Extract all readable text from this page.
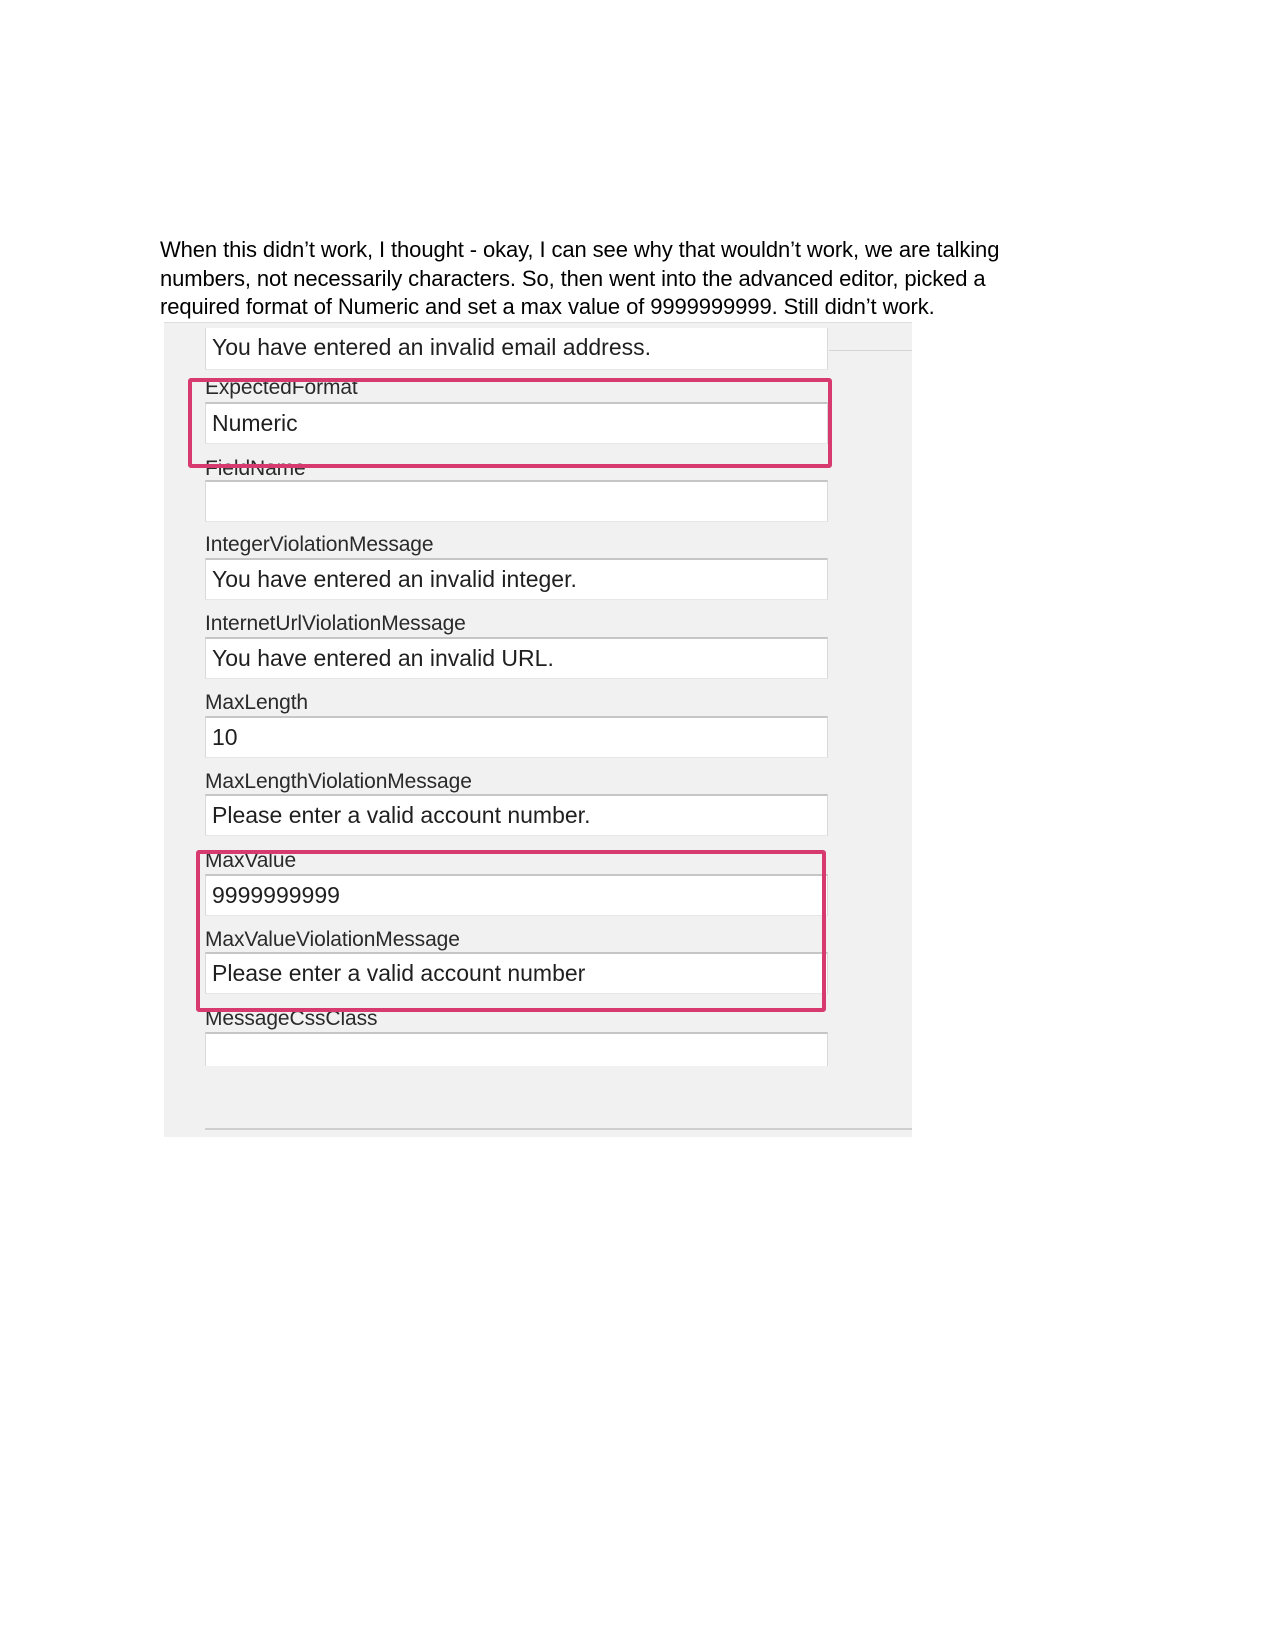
When this didn’t work, I thought - okay, I can see why that wouldn’t work, we are talking
numbers, not necessarily characters. So, then went into the advanced editor, picked a
required format of Numeric and set a max value of 9999999999. Still didn’t work.
You have entered an invalid email address.
ExpectedFormat
Numeric
FieldName
IntegerViolationMessage
You have entered an invalid integer.
InternetUrlViolationMessage
You have entered an invalid URL.
MaxLength
10
MaxLengthViolationMessage
Please enter a valid account number.
MaxValue
9999999999
MaxValueViolationMessage
Please enter a valid account number
MessageCssClass
